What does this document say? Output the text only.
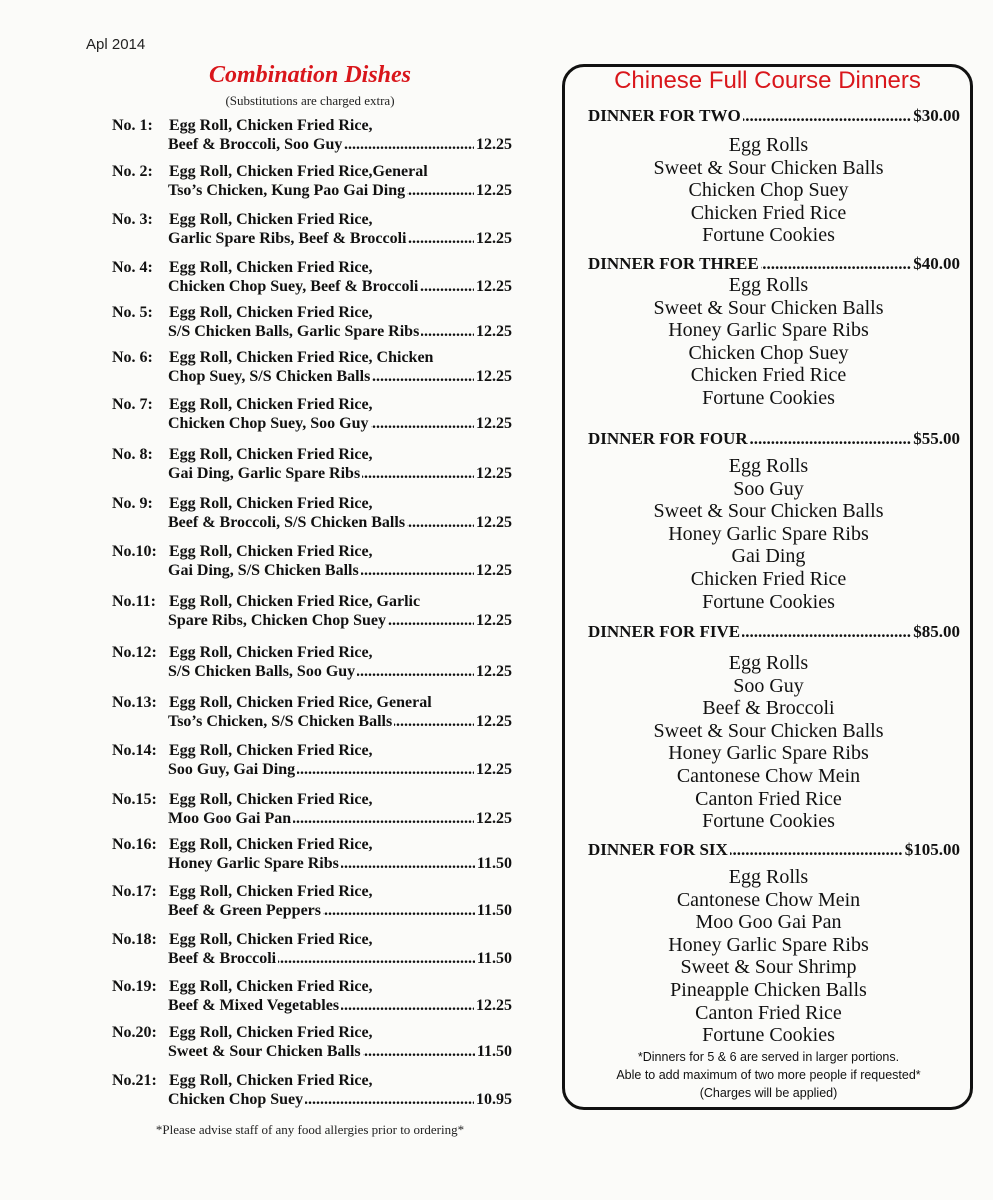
Apl 2014
Combination Dishes
(Substitutions are charged extra)
No. 1: Egg Roll, Chicken Fried Rice,
.....
Beef & Broccoli, Soo Guy	12.25
No. 2: Egg Roll, Chicken Fried Rice,General
.....
Tso’s Chicken, Kung Pao Gai Ding	12.25
No. 3: Egg Roll, Chicken Fried Rice,
.....
Garlic Spare Ribs, Beef & Broccoli	12.25
No. 4: Egg Roll, Chicken Fried Rice,
.....
Chicken Chop Suey, Beef & Broccoli	12.25
No. 5: Egg Roll, Chicken Fried Rice,
.....
S/S Chicken Balls, Garlic Spare Ribs	12.25
No. 6: Egg Roll, Chicken Fried Rice, Chicken
.....
Chop Suey, S/S Chicken Balls	12.25
No. 7: Egg Roll, Chicken Fried Rice,
.....
Chicken Chop Suey, Soo Guy	12.25
No. 8: Egg Roll, Chicken Fried Rice,
.....
Gai Ding, Garlic Spare Ribs	12.25
No. 9: Egg Roll, Chicken Fried Rice,
.....
Beef & Broccoli, S/S Chicken Balls	12.25
No.10: Egg Roll, Chicken Fried Rice,
.....
Gai Ding, S/S Chicken Balls	12.25
No.11: Egg Roll, Chicken Fried Rice, Garlic
.....
Spare Ribs, Chicken Chop Suey	12.25
No.12: Egg Roll, Chicken Fried Rice,
.....
S/S Chicken Balls, Soo Guy	12.25
No.13: Egg Roll, Chicken Fried Rice, General
.....
Tso’s Chicken, S/S Chicken Balls	12.25
No.14: Egg Roll, Chicken Fried Rice,
.....
Soo Guy, Gai Ding	12.25
No.15: Egg Roll, Chicken Fried Rice,
.....
Moo Goo Gai Pan	12.25
No.16: Egg Roll, Chicken Fried Rice,
.....
Honey Garlic Spare Ribs	11.50
No.17: Egg Roll, Chicken Fried Rice,
.....
Beef & Green Peppers	11.50
No.18: Egg Roll, Chicken Fried Rice,
.....
Beef & Broccoli	11.50
No.19: Egg Roll, Chicken Fried Rice,
.....
Beef & Mixed Vegetables	12.25
No.20: Egg Roll, Chicken Fried Rice,
.....
Sweet & Sour Chicken Balls	11.50
No.21: Egg Roll, Chicken Fried Rice,
.....
Chicken Chop Suey	10.95
*Please advise staff of any food allergies prior to ordering*
Chinese Full Course Dinners
.....
DINNER FOR TWO	$30.00
Egg Rolls
Sweet & Sour Chicken Balls
Chicken Chop Suey
Chicken Fried Rice
Fortune Cookies
.....
DINNER FOR THREE	$40.00
Egg Rolls
Sweet & Sour Chicken Balls
Honey Garlic Spare Ribs
Chicken Chop Suey
Chicken Fried Rice
Fortune Cookies
.....
DINNER FOR FOUR	$55.00
Egg Rolls
Soo Guy
Sweet & Sour Chicken Balls
Honey Garlic Spare Ribs
Gai Ding
Chicken Fried Rice
Fortune Cookies
.....
DINNER FOR FIVE	$85.00
Egg Rolls
Soo Guy
Beef & Broccoli
Sweet & Sour Chicken Balls
Honey Garlic Spare Ribs
Cantonese Chow Mein
Canton Fried Rice
Fortune Cookies
.....
DINNER FOR SIX	$105.00
Egg Rolls
Cantonese Chow Mein
Moo Goo Gai Pan
Honey Garlic Spare Ribs
Sweet & Sour Shrimp
Pineapple Chicken Balls
Canton Fried Rice
Fortune Cookies
*Dinners for 5 & 6 are served in larger portions.
Able to add maximum of two more people if requested*
(Charges will be applied)
